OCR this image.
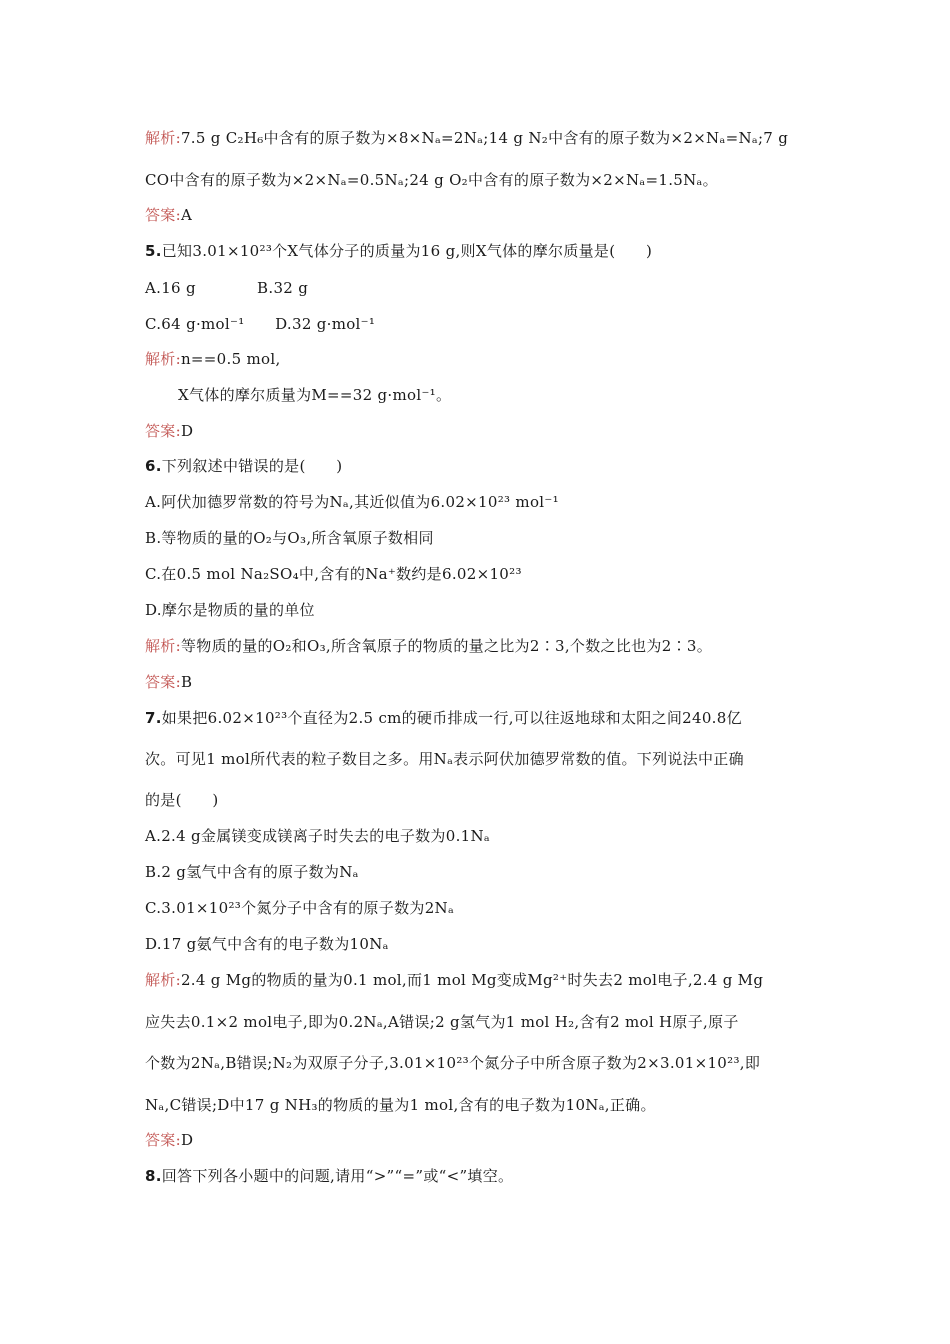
解析:7.5 g C₂H₆中含有的原子数为×8×Nₐ=2Nₐ;14 g N₂中含有的原子数为×2×Nₐ=Nₐ;7 g
CO中含有的原子数为×2×Nₐ=0.5Nₐ;24 g O₂中含有的原子数为×2×Nₐ=1.5Nₐ。
答案:A
5.已知3.01×10²³个X气体分子的质量为16 g,则X气体的摩尔质量是(　　)
A.16 g　　　　B.32 g
C.64 g·mol⁻¹　　D.32 g·mol⁻¹
解析:n==0.5 mol,
X气体的摩尔质量为M==32 g·mol⁻¹。
答案:D
6.下列叙述中错误的是(　　)
A.阿伏加德罗常数的符号为Nₐ,其近似值为6.02×10²³ mol⁻¹
B.等物质的量的O₂与O₃,所含氧原子数相同
C.在0.5 mol Na₂SO₄中,含有的Na⁺数约是6.02×10²³
D.摩尔是物质的量的单位
解析:等物质的量的O₂和O₃,所含氧原子的物质的量之比为2∶3,个数之比也为2∶3。
答案:B
7.如果把6.02×10²³个直径为2.5 cm的硬币排成一行,可以往返地球和太阳之间240.8亿
次。可见1 mol所代表的粒子数目之多。用Nₐ表示阿伏加德罗常数的值。下列说法中正确
的是(　　)
A.2.4 g金属镁变成镁离子时失去的电子数为0.1Nₐ
B.2 g氢气中含有的原子数为Nₐ
C.3.01×10²³个氮分子中含有的原子数为2Nₐ
D.17 g氨气中含有的电子数为10Nₐ
解析:2.4 g Mg的物质的量为0.1 mol,而1 mol Mg变成Mg²⁺时失去2 mol电子,2.4 g Mg
应失去0.1×2 mol电子,即为0.2Nₐ,A错误;2 g氢气为1 mol H₂,含有2 mol H原子,原子
个数为2Nₐ,B错误;N₂为双原子分子,3.01×10²³个氮分子中所含原子数为2×3.01×10²³,即
Nₐ,C错误;D中17 g NH₃的物质的量为1 mol,含有的电子数为10Nₐ,正确。
答案:D
8.回答下列各小题中的问题,请用“>”“=”或“<”填空。
